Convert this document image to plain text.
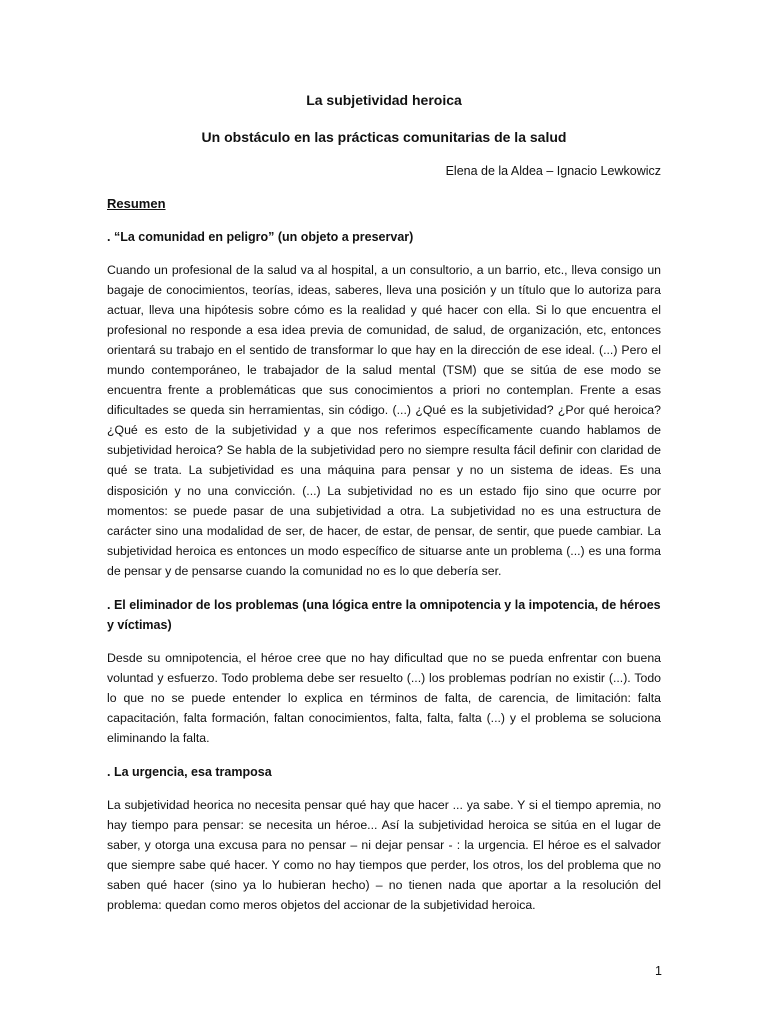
La subjetividad heroica

Un obstáculo en las prácticas comunitarias de la salud

Elena de la Aldea – Ignacio Lewkowicz

Resumen

. “La comunidad en peligro” (un objeto a preservar)

Cuando un profesional de la salud va al hospital, a un consultorio, a un barrio, etc., lleva consigo un bagaje de conocimientos, teorías, ideas, saberes, lleva una posición y un título que lo autoriza para actuar, lleva una hipótesis sobre cómo es la realidad y qué hacer con ella. Si lo que encuentra el profesional no responde a esa idea previa de comunidad, de salud, de organización, etc, entonces orientará su trabajo en el sentido de transformar lo que hay en la dirección de ese ideal. (...) Pero el mundo contemporáneo, le trabajador de la salud mental (TSM) que se sitúa de ese modo se encuentra frente a problemáticas que sus conocimientos a priori no contemplan. Frente a esas dificultades se queda sin herramientas, sin código. (...) ¿Qué es la subjetividad? ¿Por qué heroica? ¿Qué es esto de la subjetividad y a que nos referimos específicamente cuando hablamos de subjetividad heroica? Se habla de la subjetividad pero no siempre resulta fácil definir con claridad de qué se trata. La subjetividad es una máquina para pensar y no un sistema de ideas. Es una disposición y no una convicción. (...) La subjetividad no es un estado fijo sino que ocurre por momentos: se puede pasar de una subjetividad a otra. La subjetividad no es una estructura de carácter sino una modalidad de ser, de hacer, de estar, de pensar, de sentir, que puede cambiar. La subjetividad heroica es entonces un modo específico de situarse ante un problema (...) es una forma de pensar y de pensarse cuando la comunidad no es lo que debería ser.

. El eliminador de los problemas (una lógica entre la omnipotencia y la impotencia, de héroes y víctimas)

Desde su omnipotencia, el héroe cree que no hay dificultad que no se pueda enfrentar con buena voluntad y esfuerzo. Todo problema debe ser resuelto (...) los problemas podrían no existir (...). Todo lo que no se puede entender lo explica en términos de falta, de carencia, de limitación: falta capacitación, falta formación, faltan conocimientos, falta, falta, falta (...) y el problema se soluciona eliminando la falta.

. La urgencia, esa tramposa

La subjetividad heorica no necesita pensar qué hay que hacer ... ya sabe. Y si el tiempo apremia, no hay tiempo para pensar: se necesita un héroe... Así la subjetividad heroica se sitúa en el lugar de saber, y otorga una excusa para no pensar – ni dejar pensar - : la urgencia. El héroe es el salvador que siempre sabe qué hacer. Y como no hay tiempos que perder, los otros, los del problema que no saben qué hacer (sino ya lo hubieran hecho) – no tienen nada que aportar a la resolución del problema: quedan como meros objetos del accionar de la subjetividad heroica.

1
